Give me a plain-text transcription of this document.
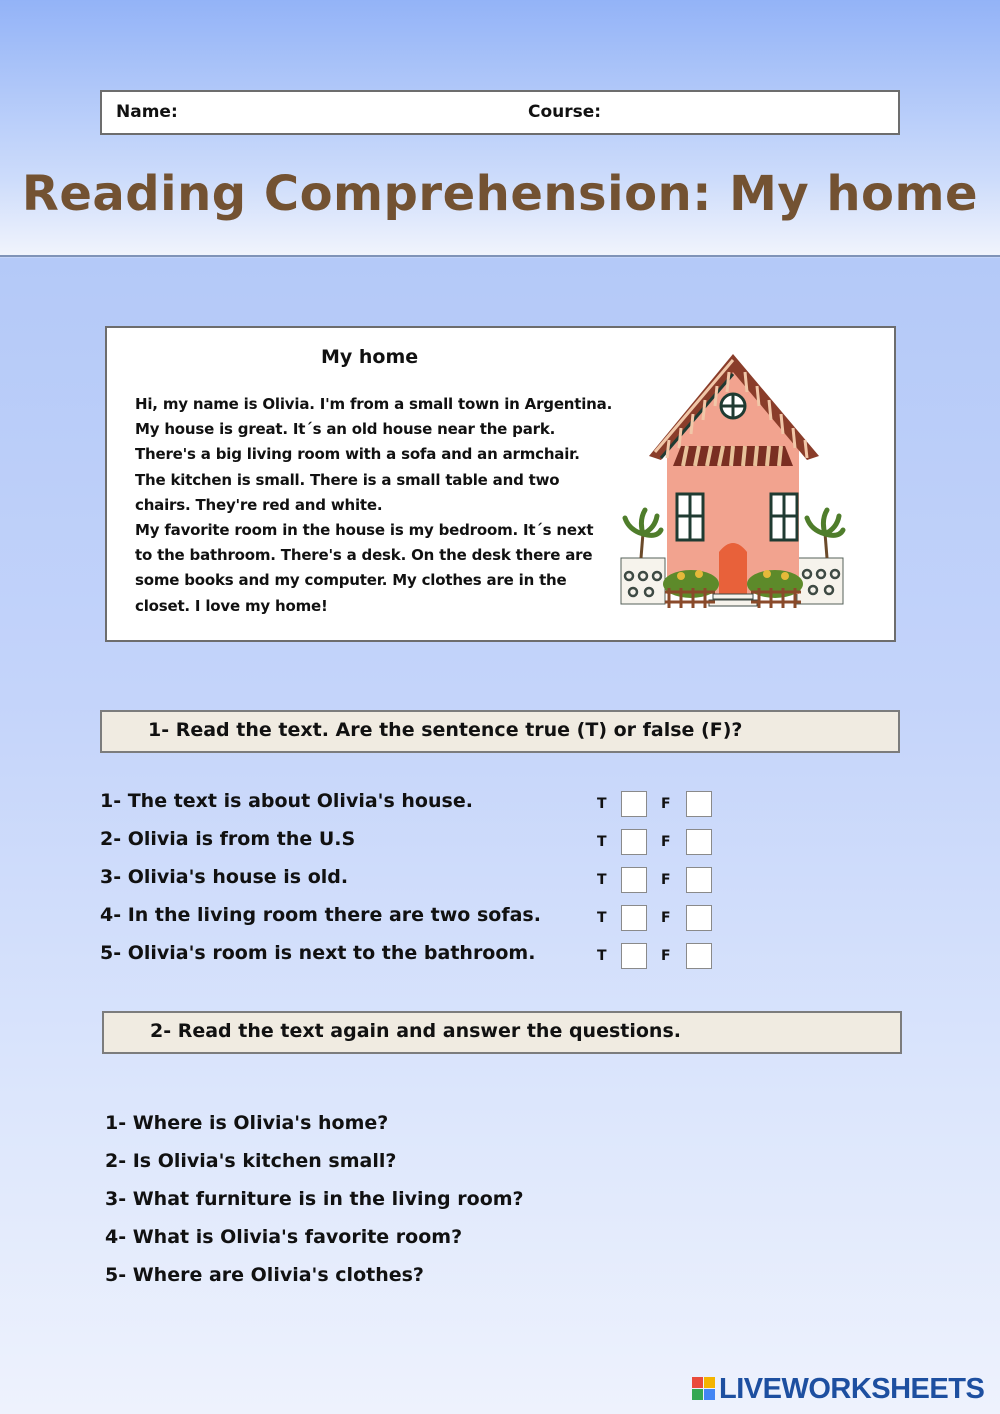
Name:	Course:
Reading Comprehension: My home
My home

Hi, my name is Olivia. I'm from a small town in Argentina.

My house is great. It´s an old house near the park.

There's a big living room with a sofa and an armchair.

The kitchen is small. There is a small table and two

chairs. They're red and white.

My favorite room in the house is my bedroom. It´s next

to the bathroom. There's a desk. On the desk there are

some books and my computer. My clothes are in the

closet. I love my home!

1- Read the text. Are the sentence true (T) or false (F)?
1- The text is about Olivia's house.	T	F
2- Olivia is from the U.S	T	F
3- Olivia's house is old.	T	F
4- In the living room there are two sofas.	T	F
5- Olivia's room is next to the bathroom.	T	F
2- Read the text again and answer the questions.
1- Where is Olivia's home?
2- Is Olivia's kitchen small?
3- What furniture is in the living room?
4- What is Olivia's favorite room?
5- Where are Olivia's clothes?
LIVEWORKSHEETS
